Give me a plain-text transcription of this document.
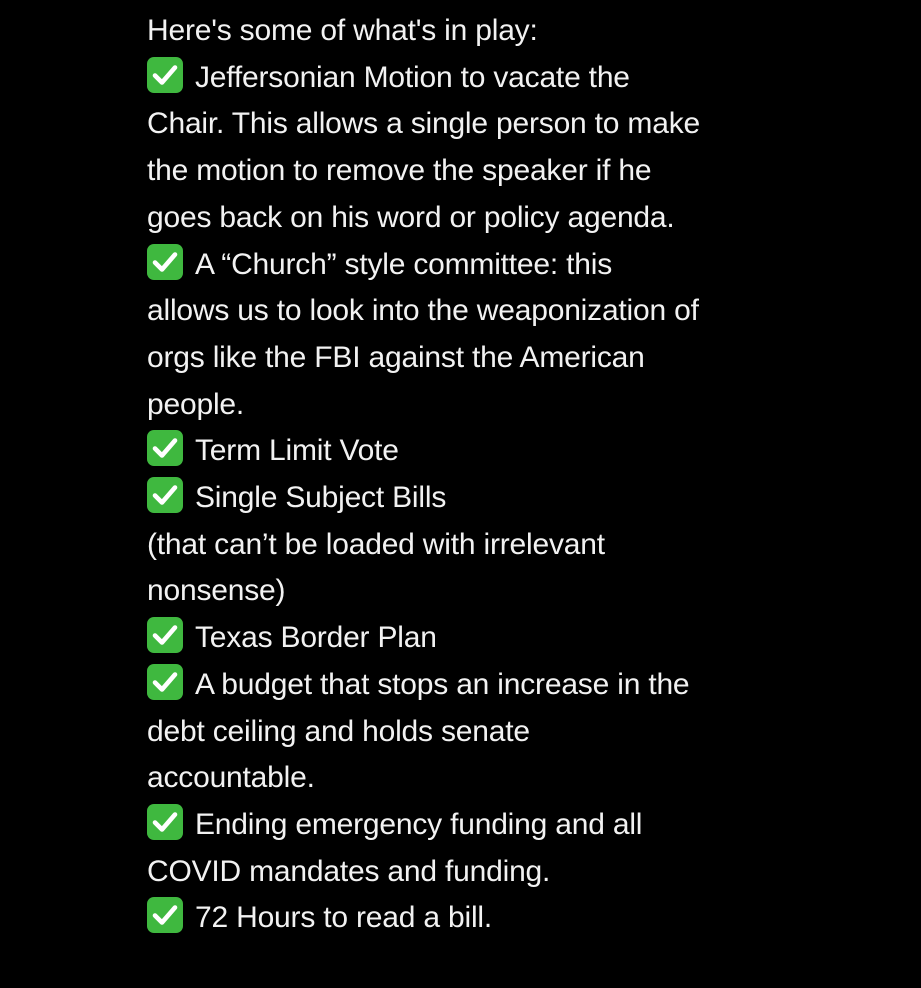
Here's some of what's in play:
Jeffersonian Motion to vacate the
Chair. This allows a single person to make
the motion to remove the speaker if he
goes back on his word or policy agenda.
A “Church” style committee: this
allows us to look into the weaponization of
orgs like the FBI against the American
people.
Term Limit Vote
Single Subject Bills
(that can’t be loaded with irrelevant
nonsense)
Texas Border Plan
A budget that stops an increase in the
debt ceiling and holds senate
accountable.
Ending emergency funding and all
COVID mandates and funding.
72 Hours to read a bill.
